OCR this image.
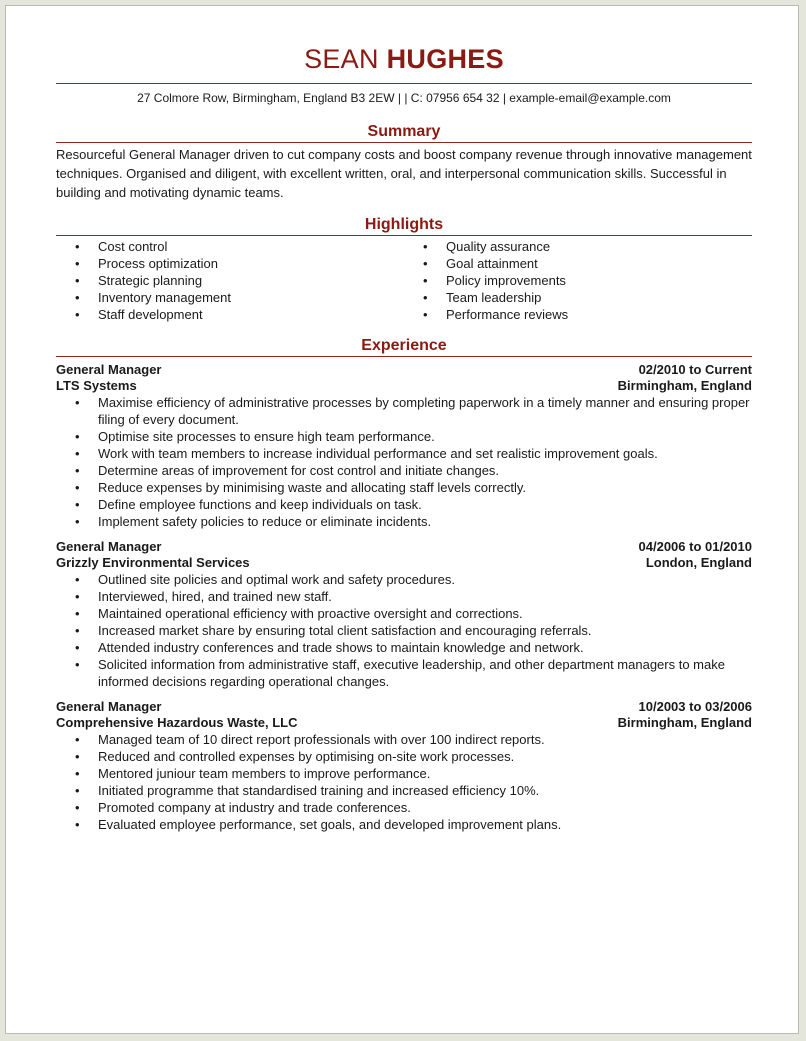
SEAN HUGHES
27 Colmore Row, Birmingham, England B3 2EW | | C: 07956 654 32 | example-email@example.com
Summary
Resourceful General Manager driven to cut company costs and boost company revenue through innovative management techniques. Organised and diligent, with excellent written, oral, and interpersonal communication skills. Successful in building and motivating dynamic teams.
Highlights
• Cost control
• Process optimization
• Strategic planning
• Inventory management
• Staff development
• Quality assurance
• Goal attainment
• Policy improvements
• Team leadership
• Performance reviews
Experience
General Manager	02/2010 to Current
LTS Systems	Birmingham, England
• Maximise efficiency of administrative processes by completing paperwork in a timely manner and ensuring proper filing of every document.
• Optimise site processes to ensure high team performance.
• Work with team members to increase individual performance and set realistic improvement goals.
• Determine areas of improvement for cost control and initiate changes.
• Reduce expenses by minimising waste and allocating staff levels correctly.
• Define employee functions and keep individuals on task.
• Implement safety policies to reduce or eliminate incidents.
General Manager	04/2006 to 01/2010
Grizzly Environmental Services	London, England
• Outlined site policies and optimal work and safety procedures.
• Interviewed, hired, and trained new staff.
• Maintained operational efficiency with proactive oversight and corrections.
• Increased market share by ensuring total client satisfaction and encouraging referrals.
• Attended industry conferences and trade shows to maintain knowledge and network.
• Solicited information from administrative staff, executive leadership, and other department managers to make informed decisions regarding operational changes.
General Manager	10/2003 to 03/2006
Comprehensive Hazardous Waste, LLC	Birmingham, England
• Managed team of 10 direct report professionals with over 100 indirect reports.
• Reduced and controlled expenses by optimising on-site work processes.
• Mentored juniour team members to improve performance.
• Initiated programme that standardised training and increased efficiency 10%.
• Promoted company at industry and trade conferences.
• Evaluated employee performance, set goals, and developed improvement plans.
